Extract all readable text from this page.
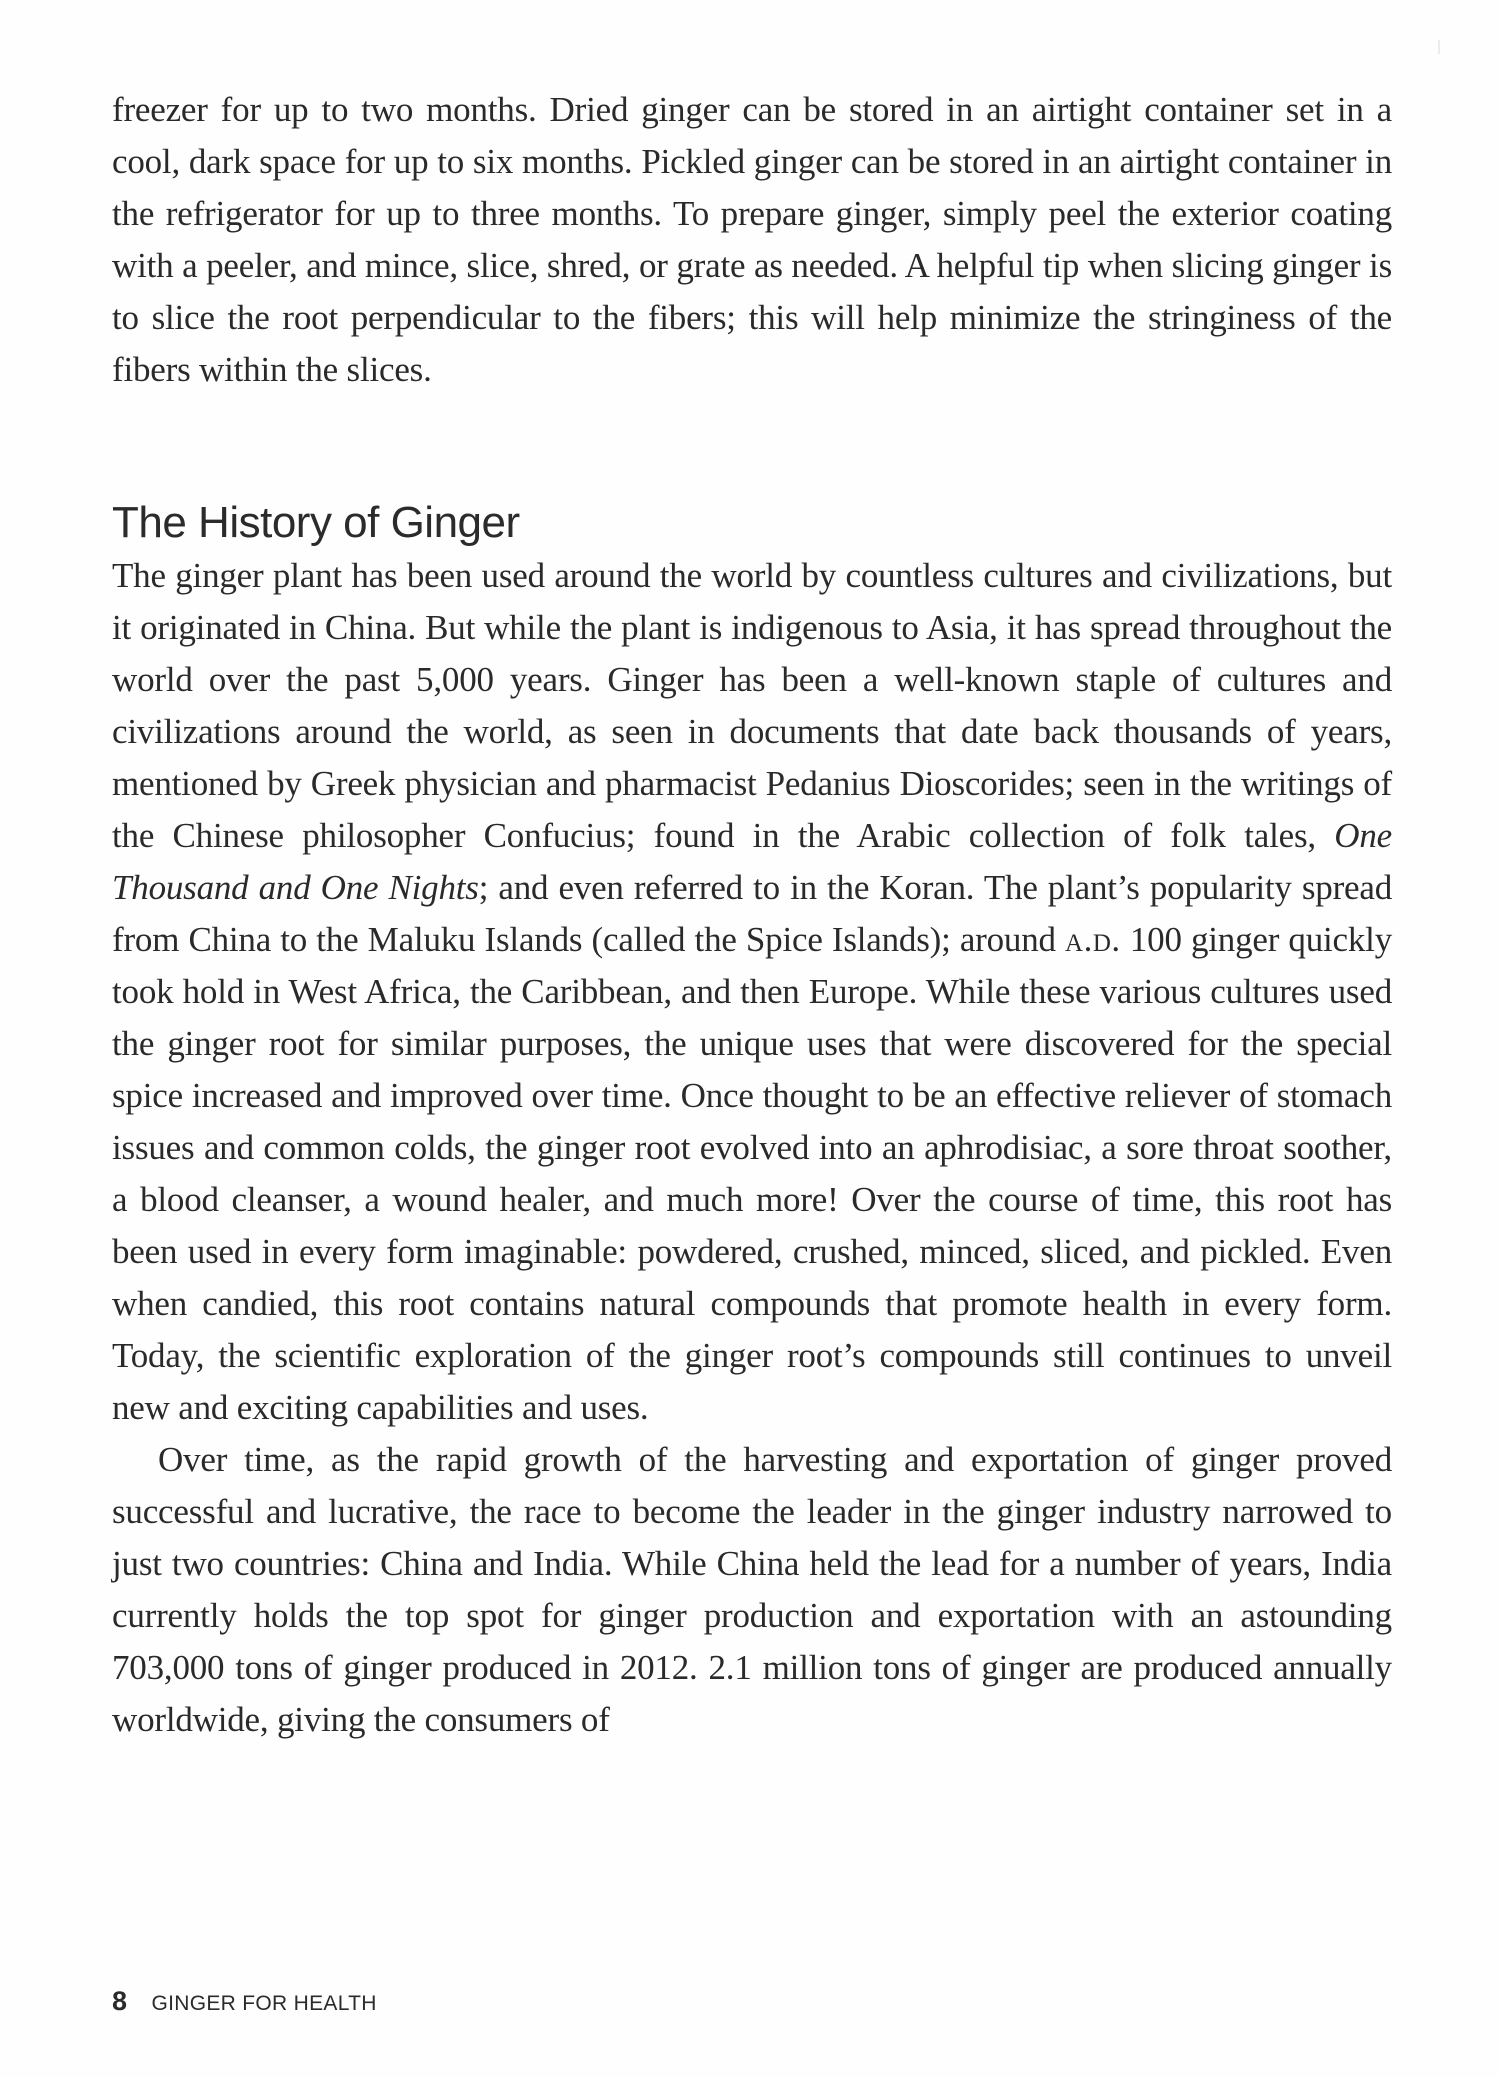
freezer for up to two months. Dried ginger can be stored in an airtight container set in a cool, dark space for up to six months. Pickled ginger can be stored in an airtight container in the refrigerator for up to three months. To prepare ginger, simply peel the exterior coating with a peeler, and mince, slice, shred, or grate as needed. A helpful tip when slicing ginger is to slice the root perpendicular to the fibers; this will help minimize the stringiness of the fibers within the slices.

The History of Ginger

The ginger plant has been used around the world by countless cultures and civilizations, but it originated in China. But while the plant is indigenous to Asia, it has spread throughout the world over the past 5,000 years. Ginger has been a well-known staple of cultures and civilizations around the world, as seen in documents that date back thousands of years, mentioned by Greek physician and pharmacist Pedanius Dioscorides; seen in the writings of the Chinese philosopher Confucius; found in the Arabic collection of folk tales, One Thousand and One Nights; and even referred to in the Koran. The plant’s popularity spread from China to the Maluku Islands (called the Spice Islands); around a.d. 100 ginger quickly took hold in West Africa, the Caribbean, and then Europe. While these various cultures used the ginger root for similar purposes, the unique uses that were discovered for the special spice increased and improved over time. Once thought to be an effective reliever of stomach issues and common colds, the ginger root evolved into an aphrodisiac, a sore throat soother, a blood cleanser, a wound healer, and much more! Over the course of time, this root has been used in every form imaginable: powdered, crushed, minced, sliced, and pickled. Even when candied, this root contains natural compounds that promote health in every form. Today, the scientific exploration of the ginger root’s compounds still continues to unveil new and exciting capabilities and uses.

Over time, as the rapid growth of the harvesting and exportation of ginger proved successful and lucrative, the race to become the leader in the ginger industry narrowed to just two countries: China and India. While China held the lead for a number of years, India currently holds the top spot for ginger production and exportation with an astounding 703,000 tons of ginger produced in 2012. 2.1 million tons of ginger are produced annually worldwide, giving the consumers of

8 GINGER FOR HEALTH
